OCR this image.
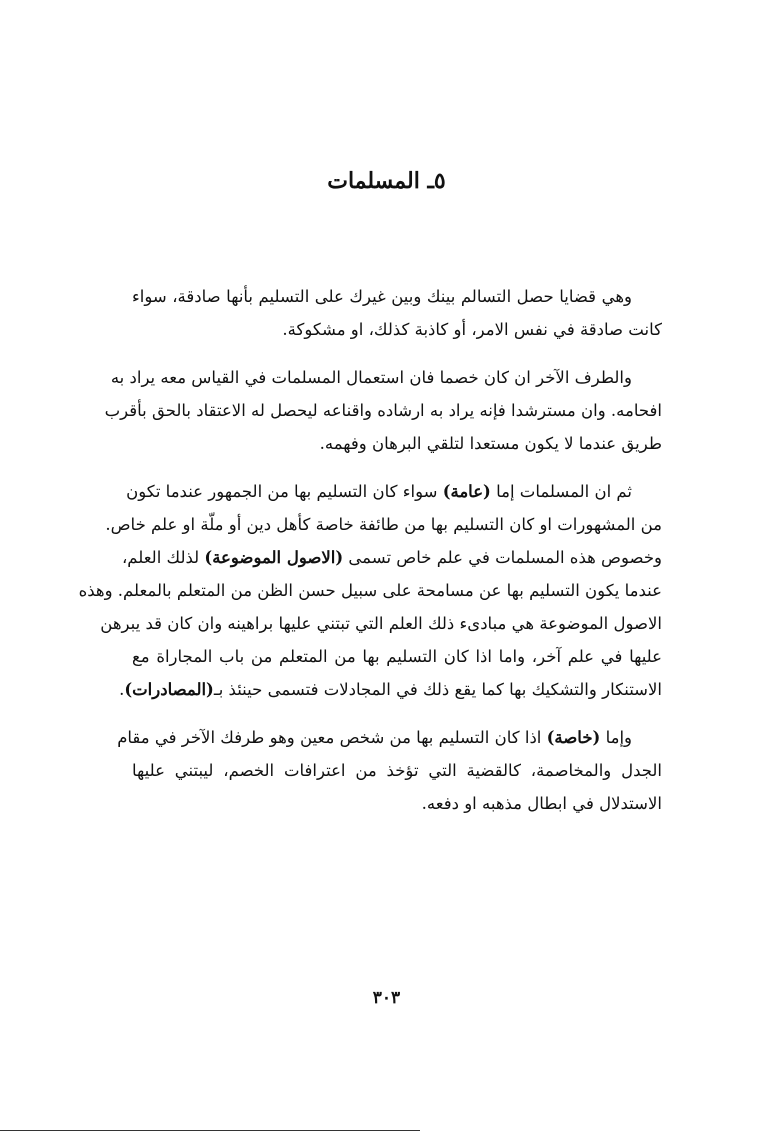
٥ـ المسلمات
وهي قضايا حصل التسالم بينك وبين غيرك على التسليم بأنها صادقة، سواء
كانت صادقة في نفس الامر، أو كاذبة كذلك، او مشكوكة.
والطرف الآخر ان كان خصما فان استعمال المسلمات في القياس معه يراد به
افحامه. وان مسترشدا فإنه يراد به ارشاده واقناعه ليحصل له الاعتقاد بالحق بأقرب
طريق عندما لا يكون مستعدا لتلقي البرهان وفهمه.
ثم ان المسلمات إما (عامة) سواء كان التسليم بها من الجمهور عندما تكون
من المشهورات او كان التسليم بها من طائفة خاصة كأهل دين أو ملّة او علم خاص.
وخصوص هذه المسلمات في علم خاص تسمى (الاصول الموضوعة) لذلك العلم،
عندما يكون التسليم بها عن مسامحة على سبيل حسن الظن من المتعلم بالمعلم. وهذه
الاصول الموضوعة هي مبادىء ذلك العلم التي تبتني عليها براهينه وان كان قد يبرهن
عليها في علم آخر، واما اذا كان التسليم بها من المتعلم من باب المجاراة مع
الاستنكار والتشكيك بها كما يقع ذلك في المجادلات فتسمى حينئذ بـ(المصادرات).
وإما (خاصة) اذا كان التسليم بها من شخص معين وهو طرفك الآخر في مقام
الجدل والمخاصمة، كالقضية التي تؤخذ من اعترافات الخصم، ليبتني عليها
الاستدلال في ابطال مذهبه او دفعه.
٣٠٣
